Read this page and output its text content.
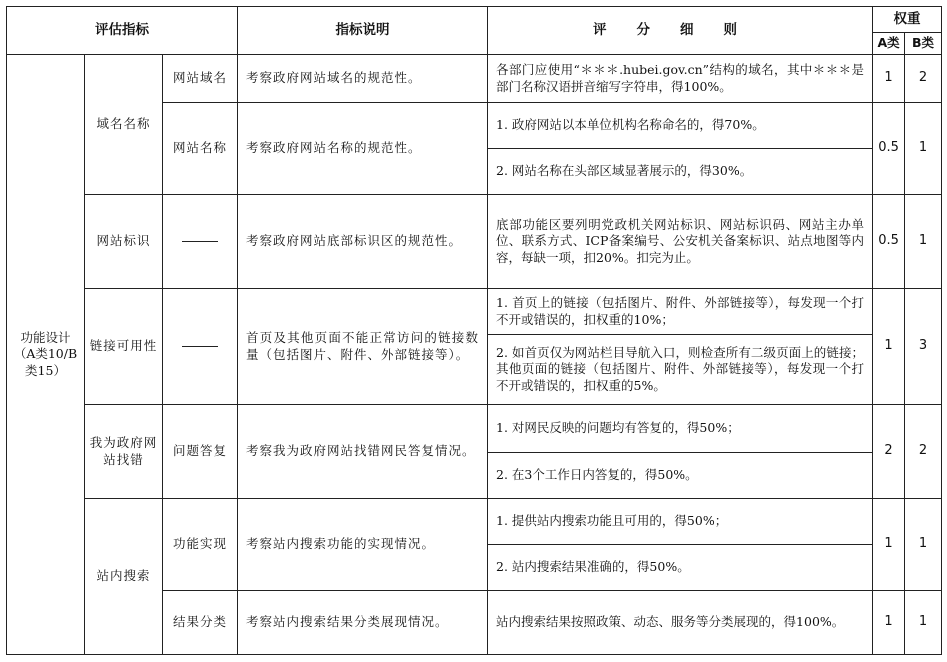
评估指标			指标说明	评分细则	权重	
					A类	B类
功能设计（A类10/B类15）	域名名称	网站域名	考察政府网站域名的规范性。	各部门应使用“＊＊＊.hubei.gov.cn”结构的域名，其中＊＊＊是部门名称汉语拼音缩写字符串，得100%。	1	2
		网站名称	考察政府网站名称的规范性。	1. 政府网站以本单位机构名称命名的，得70%。	0.5	1
				2. 网站名称在头部区域显著展示的，得30%。		
	网站标识		考察政府网站底部标识区的规范性。	底部功能区要列明党政机关网站标识、网站标识码、网站主办单位、联系方式、ICP备案编号、公安机关备案标识、站点地图等内容，每缺一项，扣20%。扣完为止。	0.5	1
	链接可用性		首页及其他页面不能正常访问的链接数量（包括图片、附件、外部链接等）。	1. 首页上的链接（包括图片、附件、外部链接等），每发现一个打不开或错误的，扣权重的10%；	1	3
				2. 如首页仅为网站栏目导航入口，则检查所有二级页面上的链接；其他页面的链接（包括图片、附件、外部链接等），每发现一个打不开或错误的，扣权重的5%。		
	我为政府网站找错	问题答复	考察我为政府网站找错网民答复情况。	1. 对网民反映的问题均有答复的，得50%；	2	2
				2. 在3个工作日内答复的，得50%。		
	站内搜索	功能实现	考察站内搜索功能的实现情况。	1. 提供站内搜索功能且可用的，得50%；	1	1
				2. 站内搜索结果准确的，得50%。		
		结果分类	考察站内搜索结果分类展现情况。	站内搜索结果按照政策、动态、服务等分类展现的，得100%。	1	1
